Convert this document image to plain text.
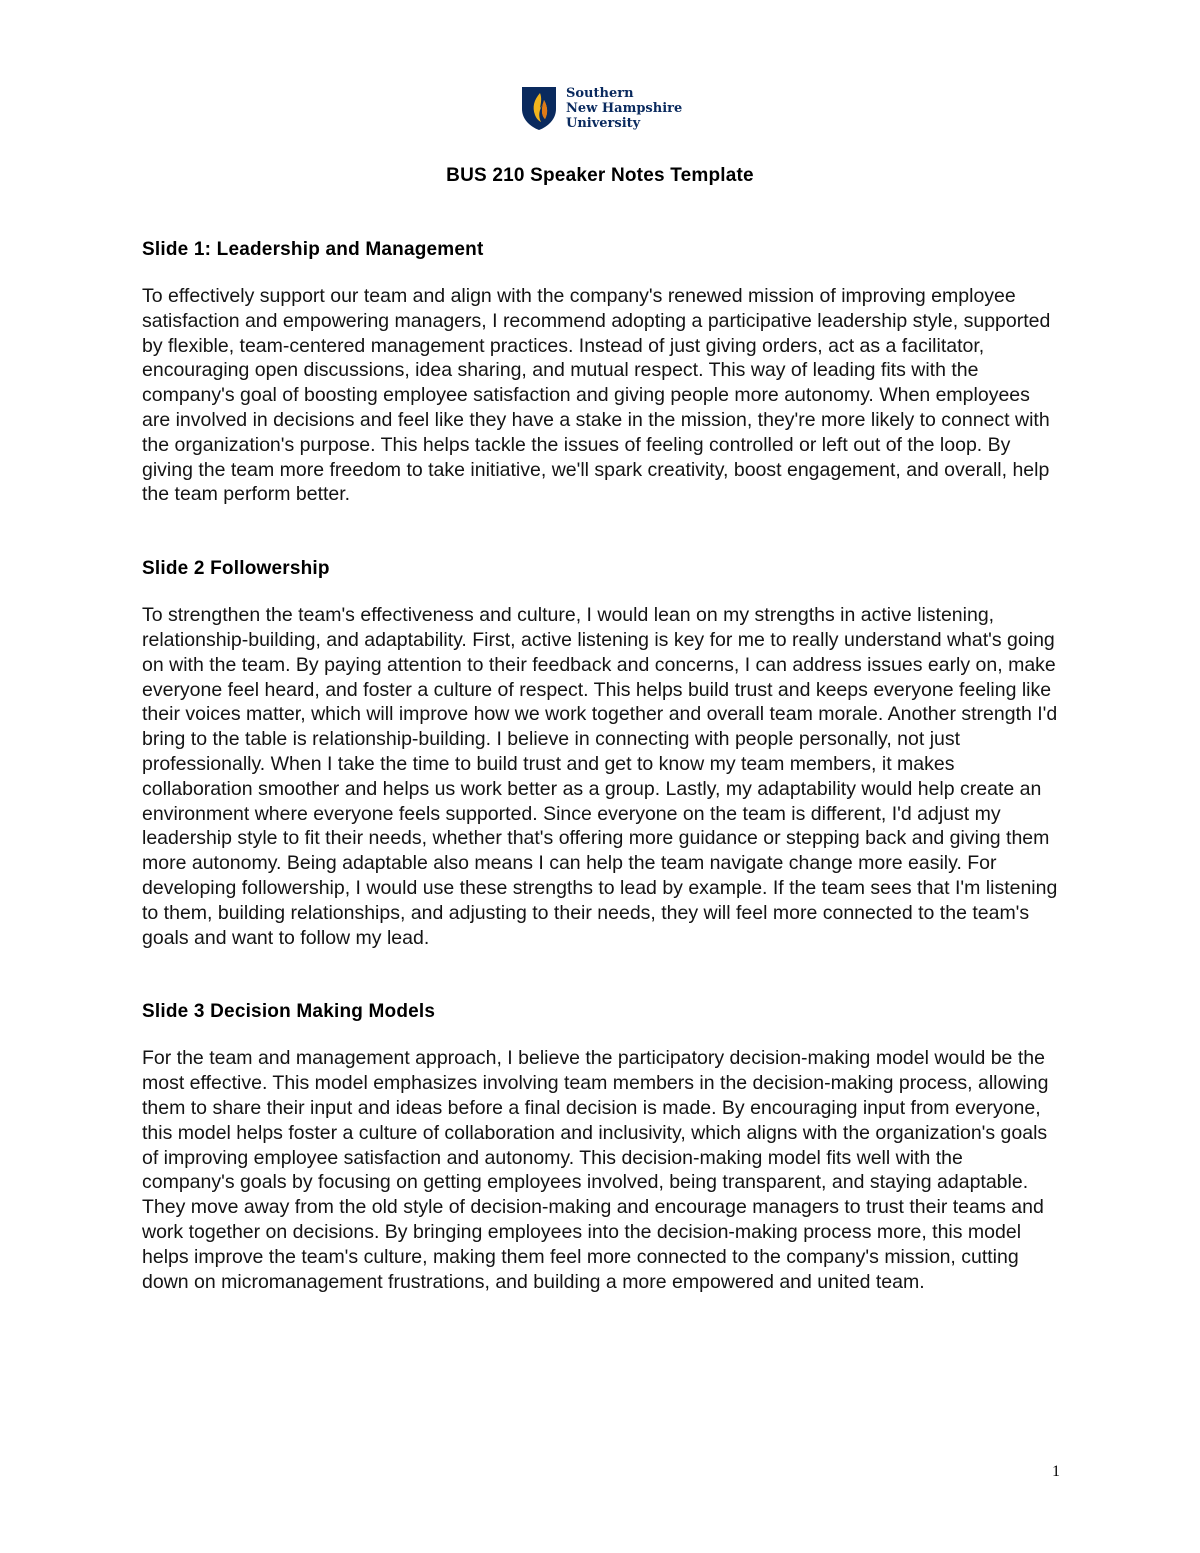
Southern
New Hampshire
University
BUS 210 Speaker Notes Template

Slide 1: Leadership and Management

To effectively support our team and align with the company's renewed mission of improving employee satisfaction and empowering managers, I recommend adopting a participative leadership style, supported by flexible, team-centered management practices. Instead of just giving orders, act as a facilitator, encouraging open discussions, idea sharing, and mutual respect. This way of leading fits with the company's goal of boosting employee satisfaction and giving people more autonomy. When employees are involved in decisions and feel like they have a stake in the mission, they're more likely to connect with the organization's purpose. This helps tackle the issues of feeling controlled or left out of the loop. By giving the team more freedom to take initiative, we'll spark creativity, boost engagement, and overall, help the team perform better.

Slide 2 Followership

To strengthen the team's effectiveness and culture, I would lean on my strengths in active listening, relationship-building, and adaptability. First, active listening is key for me to really understand what's going on with the team. By paying attention to their feedback and concerns, I can address issues early on, make everyone feel heard, and foster a culture of respect. This helps build trust and keeps everyone feeling like their voices matter, which will improve how we work together and overall team morale. Another strength I'd bring to the table is relationship-building. I believe in connecting with people personally, not just professionally. When I take the time to build trust and get to know my team members, it makes collaboration smoother and helps us work better as a group. Lastly, my adaptability would help create an environment where everyone feels supported. Since everyone on the team is different, I'd adjust my leadership style to fit their needs, whether that's offering more guidance or stepping back and giving them more autonomy. Being adaptable also means I can help the team navigate change more easily. For developing followership, I would use these strengths to lead by example. If the team sees that I'm listening to them, building relationships, and adjusting to their needs, they will feel more connected to the team's goals and want to follow my lead.

Slide 3 Decision Making Models

For the team and management approach, I believe the participatory decision-making model would be the most effective. This model emphasizes involving team members in the decision-making process, allowing them to share their input and ideas before a final decision is made. By encouraging input from everyone, this model helps foster a culture of collaboration and inclusivity, which aligns with the organization's goals of improving employee satisfaction and autonomy. This decision-making model fits well with the company's goals by focusing on getting employees involved, being transparent, and staying adaptable. They move away from the old style of decision-making and encourage managers to trust their teams and work together on decisions. By bringing employees into the decision-making process more, this model helps improve the team's culture, making them feel more connected to the company's mission, cutting down on micromanagement frustrations, and building a more empowered and united team.

1
